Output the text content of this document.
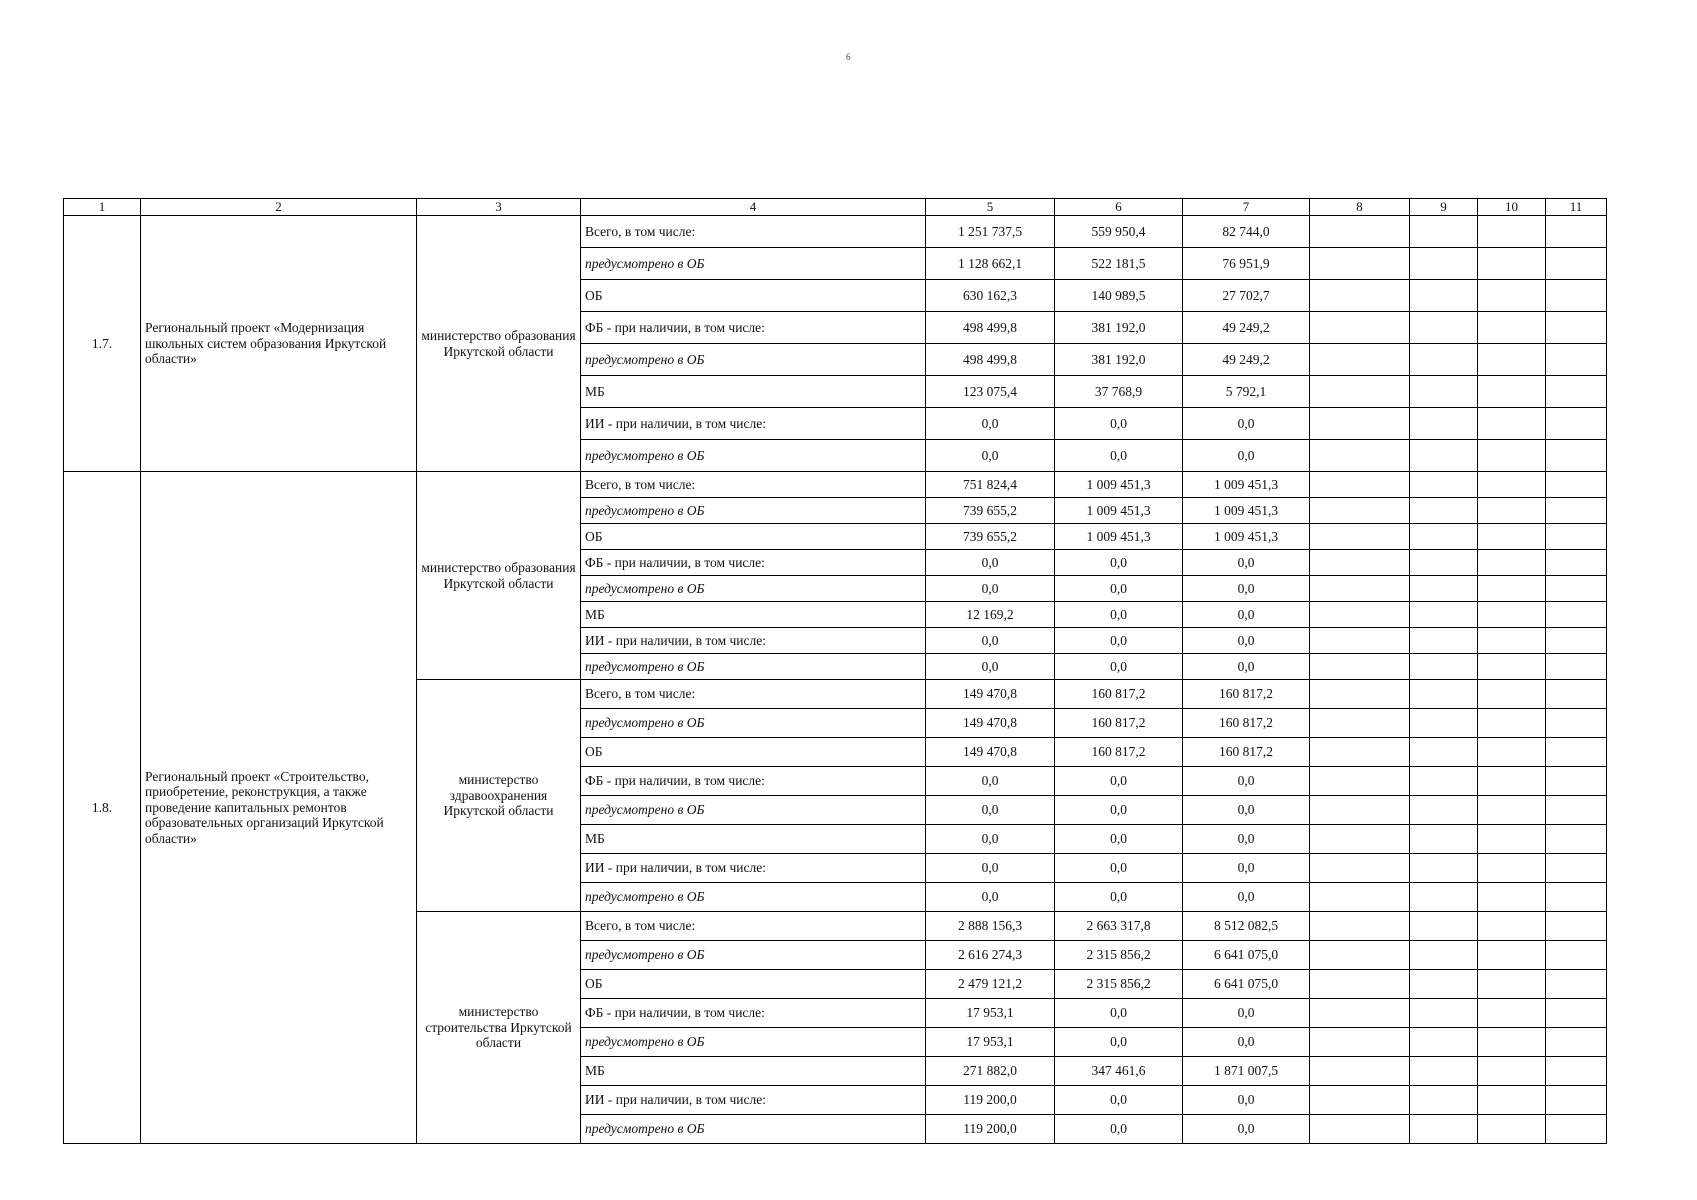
6
1	2	3	4	5	6	7	8	9	10	11
1.7.	Региональный проект «Модернизация школьных систем образования Иркутской области»	министерство образования Иркутской области	Всего, в том числе:	1 251 737,5	559 950,4	82 744,0				
			предусмотрено в ОБ	1 128 662,1	522 181,5	76 951,9				
			ОБ	630 162,3	140 989,5	27 702,7				
			ФБ - при наличии, в том числе:	498 499,8	381 192,0	49 249,2				
			предусмотрено в ОБ	498 499,8	381 192,0	49 249,2				
			МБ	123 075,4	37 768,9	5 792,1				
			ИИ - при наличии, в том числе:	0,0	0,0	0,0				
			предусмотрено в ОБ	0,0	0,0	0,0				
1.8.	Региональный проект «Строительство, приобретение, реконструкция, а также проведение капитальных ремонтов образовательных организаций Иркутской области»	министерство образования Иркутской области	Всего, в том числе:	751 824,4	1 009 451,3	1 009 451,3				
			предусмотрено в ОБ	739 655,2	1 009 451,3	1 009 451,3				
			ОБ	739 655,2	1 009 451,3	1 009 451,3				
			ФБ - при наличии, в том числе:	0,0	0,0	0,0				
			предусмотрено в ОБ	0,0	0,0	0,0				
			МБ	12 169,2	0,0	0,0				
			ИИ - при наличии, в том числе:	0,0	0,0	0,0				
			предусмотрено в ОБ	0,0	0,0	0,0				
		министерство здравоохранения Иркутской области	Всего, в том числе:	149 470,8	160 817,2	160 817,2				
			предусмотрено в ОБ	149 470,8	160 817,2	160 817,2				
			ОБ	149 470,8	160 817,2	160 817,2				
			ФБ - при наличии, в том числе:	0,0	0,0	0,0				
			предусмотрено в ОБ	0,0	0,0	0,0				
			МБ	0,0	0,0	0,0				
			ИИ - при наличии, в том числе:	0,0	0,0	0,0				
			предусмотрено в ОБ	0,0	0,0	0,0				
		министерство строительства Иркутской области	Всего, в том числе:	2 888 156,3	2 663 317,8	8 512 082,5				
			предусмотрено в ОБ	2 616 274,3	2 315 856,2	6 641 075,0				
			ОБ	2 479 121,2	2 315 856,2	6 641 075,0				
			ФБ - при наличии, в том числе:	17 953,1	0,0	0,0				
			предусмотрено в ОБ	17 953,1	0,0	0,0				
			МБ	271 882,0	347 461,6	1 871 007,5				
			ИИ - при наличии, в том числе:	119 200,0	0,0	0,0				
			предусмотрено в ОБ	119 200,0	0,0	0,0				
